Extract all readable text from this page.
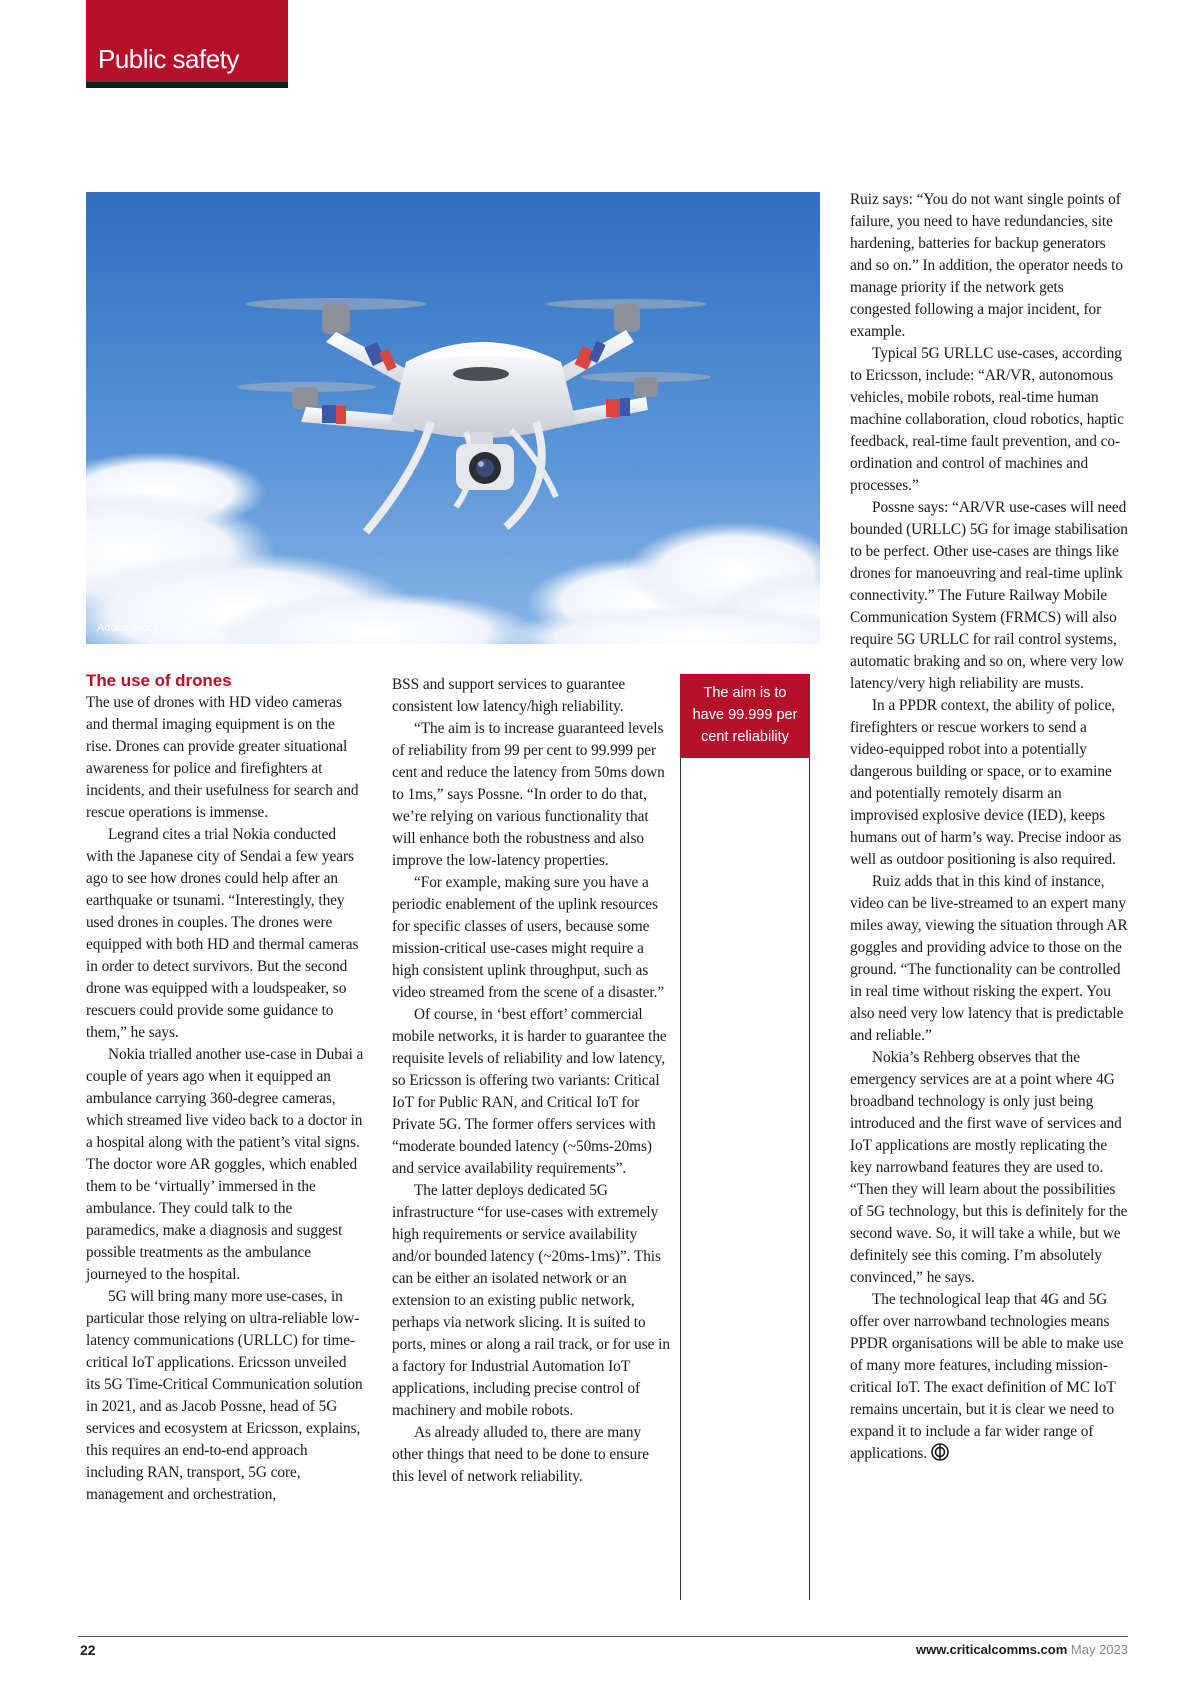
Public safety
Adobe Stock/SKfoto
The use of drones

The use of drones with HD video cameras and thermal imaging equipment is on the rise. Drones can provide greater situational awareness for police and firefighters at incidents, and their usefulness for search and rescue operations is immense.

Legrand cites a trial Nokia conducted with the Japanese city of Sendai a few years ago to see how drones could help after an earthquake or tsunami. “Interestingly, they used drones in couples. The drones were equipped with both HD and thermal cameras in order to detect survivors. But the second drone was equipped with a loudspeaker, so rescuers could provide some guidance to them,” he says.

Nokia trialled another use-case in Dubai a couple of years ago when it equipped an ambulance carrying 360-degree cameras, which streamed live video back to a doctor in a hospital along with the patient’s vital signs. The doctor wore AR goggles, which enabled them to be ‘virtually’ immersed in the ambulance. They could talk to the paramedics, make a diagnosis and suggest possible treatments as the ambulance journeyed to the hospital.

5G will bring many more use-cases, in particular those relying on ultra-reliable low-latency communications (URLLC) for time-critical IoT applications. Ericsson unveiled its 5G Time-Critical Communication solution in 2021, and as Jacob Possne, head of 5G services and ecosystem at Ericsson, explains, this requires an end-to-end approach including RAN, transport, 5G core, management and orchestration,

BSS and support services to guarantee consistent low latency/high reliability.

“The aim is to increase guaranteed levels of reliability from 99 per cent to 99.999 per cent and reduce the latency from 50ms down to 1ms,” says Possne. “In order to do that, we’re relying on various functionality that will enhance both the robustness and also improve the low-latency properties.

“For example, making sure you have a periodic enablement of the uplink resources for specific classes of users, because some mission-critical use-cases might require a high consistent uplink throughput, such as video streamed from the scene of a disaster.”

Of course, in ‘best effort’ commercial mobile networks, it is harder to guarantee the requisite levels of reliability and low latency, so Ericsson is offering two variants: Critical IoT for Public RAN, and Critical IoT for Private 5G. The former offers services with “moderate bounded latency (~50ms-20ms) and service availability requirements”.

The latter deploys dedicated 5G infrastructure “for use-cases with extremely high requirements or service availability and/or bounded latency (~20ms-1ms)”. This can be either an isolated network or an extension to an existing public network, perhaps via network slicing. It is suited to ports, mines or along a rail track, or for use in a factory for Industrial Automation IoT applications, including precise control of machinery and mobile robots.

As already alluded to, there are many other things that need to be done to ensure this level of network reliability.

The aim is to
have 99.999 per
cent reliability

Ruiz says: “You do not want single points of failure, you need to have redundancies, site hardening, batteries for backup generators and so on.” In addition, the operator needs to manage priority if the network gets congested following a major incident, for example.

Typical 5G URLLC use-cases, according to Ericsson, include: “AR/VR, autonomous vehicles, mobile robots, real-time human machine collaboration, cloud robotics, haptic feedback, real-time fault prevention, and co-ordination and control of machines and processes.”

Possne says: “AR/VR use-cases will need bounded (URLLC) 5G for image stabilisation to be perfect. Other use-cases are things like drones for manoeuvring and real-time uplink connectivity.” The Future Railway Mobile Communication System (FRMCS) will also require 5G URLLC for rail control systems, automatic braking and so on, where very low latency/very high reliability are musts.

In a PPDR context, the ability of police, firefighters or rescue workers to send a video-equipped robot into a potentially dangerous building or space, or to examine and potentially remotely disarm an improvised explosive device (IED), keeps humans out of harm’s way. Precise indoor as well as outdoor positioning is also required.

Ruiz adds that in this kind of instance, video can be live-streamed to an expert many miles away, viewing the situation through AR goggles and providing advice to those on the ground. “The functionality can be controlled in real time without risking the expert. You also need very low latency that is predictable and reliable.”

Nokia’s Rehberg observes that the emergency services are at a point where 4G broadband technology is only just being introduced and the first wave of services and IoT applications are mostly replicating the key narrowband features they are used to. “Then they will learn about the possibilities of 5G technology, but this is definitely for the second wave. So, it will take a while, but we definitely see this coming. I’m absolutely convinced,” he says.

The technological leap that 4G and 5G offer over narrowband technologies means PPDR organisations will be able to make use of many more features, including mission-critical IoT. The exact definition of MC IoT remains uncertain, but it is clear we need to expand it to include a far wider range of applications.

22	www.criticalcomms.com May 2023
